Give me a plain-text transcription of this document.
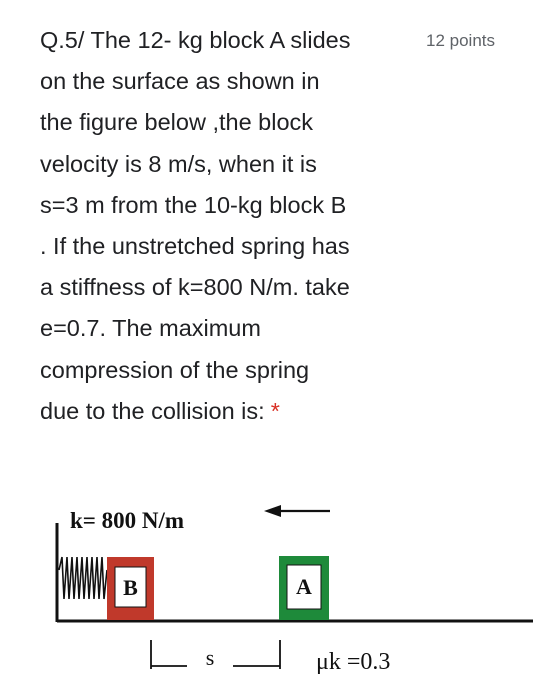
Q.5/ The 12- kg block A slides
on the surface as shown in
the figure below ,the block
velocity is 8 m/s, when it is
s=3 m from the 10-kg block B
. If the unstretched spring has
a stiffness of k=800 N/m. take
e=0.7. The maximum
compression of the spring
due to the collision is: *
12 points
k= 800 N/m
B	A
s	μk =0.3
